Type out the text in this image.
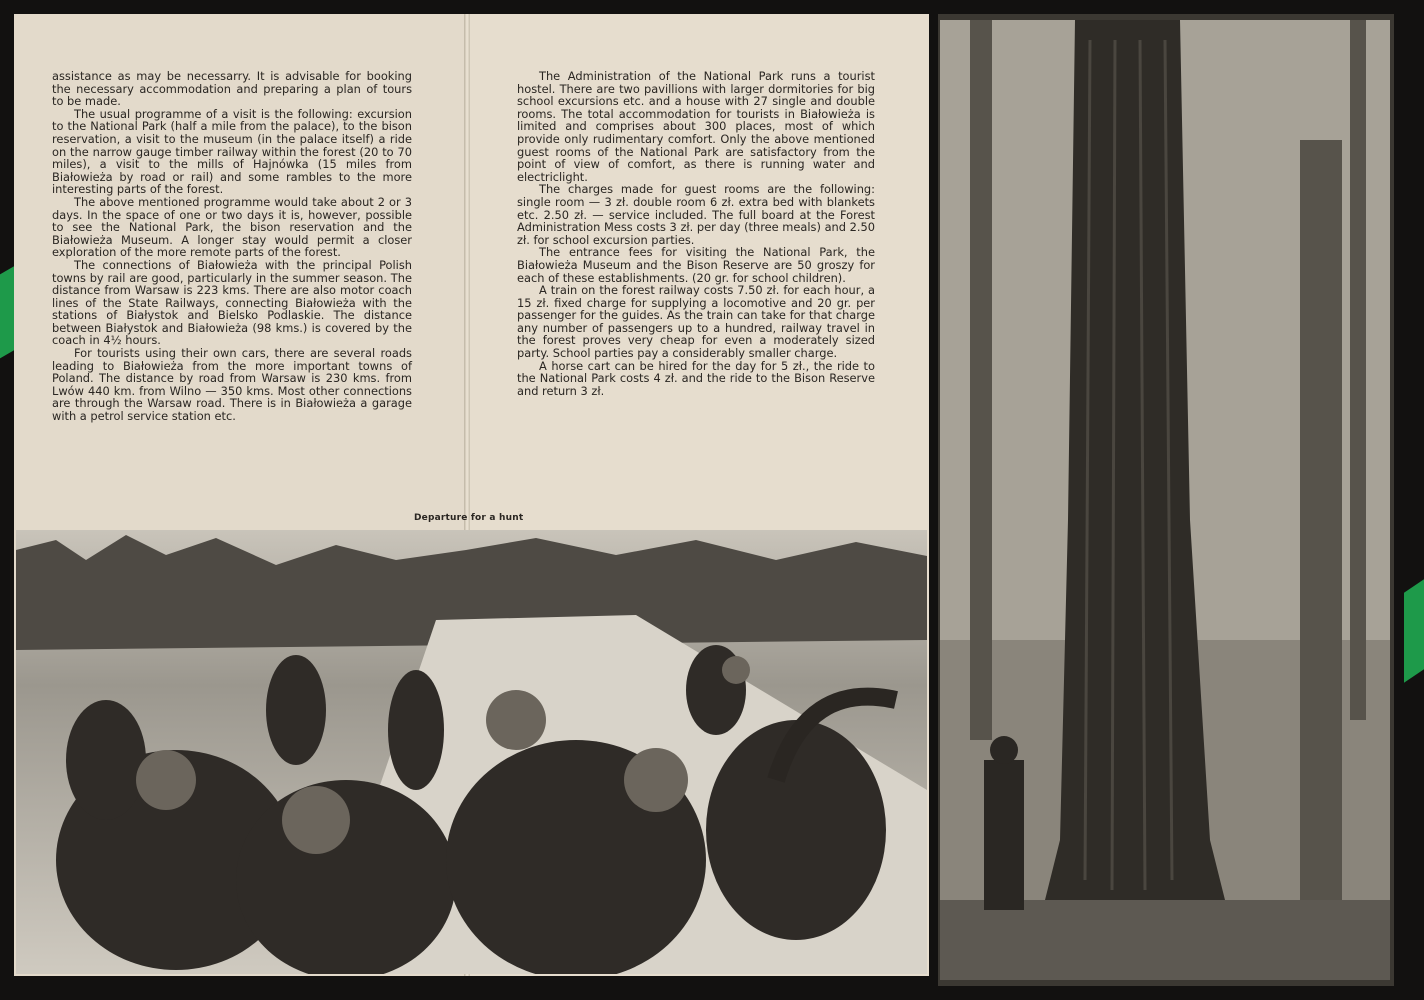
assistance as may be necessarry. It is advisable for booking the necessary accommodation and preparing a plan of tours to be made.

The usual programme of a visit is the following: excursion to the National Park (half a mile from the palace), to the bison reservation, a visit to the museum (in the palace itself) a ride on the narrow gauge timber railway within the forest (20 to 70 miles), a visit to the mills of Hajnówka (15 miles from Białowieża by road or rail) and some rambles to the more interesting parts of the forest.

The above mentioned programme would take about 2 or 3 days. In the space of one or two days it is, however, possible to see the National Park, the bison reservation and the Białowieża Museum. A longer stay would permit a closer exploration of the more remote parts of the forest.

The connections of Białowieża with the principal Polish towns by rail are good, particularly in the summer season. The distance from Warsaw is 223 kms. There are also motor coach lines of the State Railways, connecting Białowieża with the stations of Białystok and Bielsko Podlaskie. The distance between Białystok and Białowieża (98 kms.) is covered by the coach in 4½ hours.

For tourists using their own cars, there are several roads leading to Białowieża from the more important towns of Poland. The distance by road from Warsaw is 230 kms. from Lwów 440 km. from Wilno — 350 kms. Most other connections are through the Warsaw road. There is in Białowieża a garage with a petrol service station etc.

The Administration of the National Park runs a tourist hostel. There are two pavillions with larger dormitories for big school excursions etc. and a house with 27 single and double rooms. The total accommodation for tourists in Białowieża is limited and comprises about 300 places, most of which provide only rudimentary comfort. Only the above mentioned guest rooms of the National Park are satisfactory from the point of view of comfort, as there is running water and electriclight.

The charges made for guest rooms are the following: single room — 3 zł. double room 6 zł. extra bed with blankets etc. 2.50 zł. — service included. The full board at the Forest Administration Mess costs 3 zł. per day (three meals) and 2.50 zł. for school excursion parties.

The entrance fees for visiting the National Park, the Białowieża Museum and the Bison Reserve are 50 groszy for each of these establishments. (20 gr. for school children).

A train on the forest railway costs 7.50 zł. for each hour, a 15 zł. fixed charge for supplying a locomotive and 20 gr. per passenger for the guides. As the train can take for that charge any number of passengers up to a hundred, railway travel in the forest proves very cheap for even a moderately sized party. School parties pay a considerably smaller charge.

A horse cart can be hired for the day for 5 zł., the ride to the National Park costs 4 zł. and the ride to the Bison Reserve and return 3 zł.

Departure for a hunt
